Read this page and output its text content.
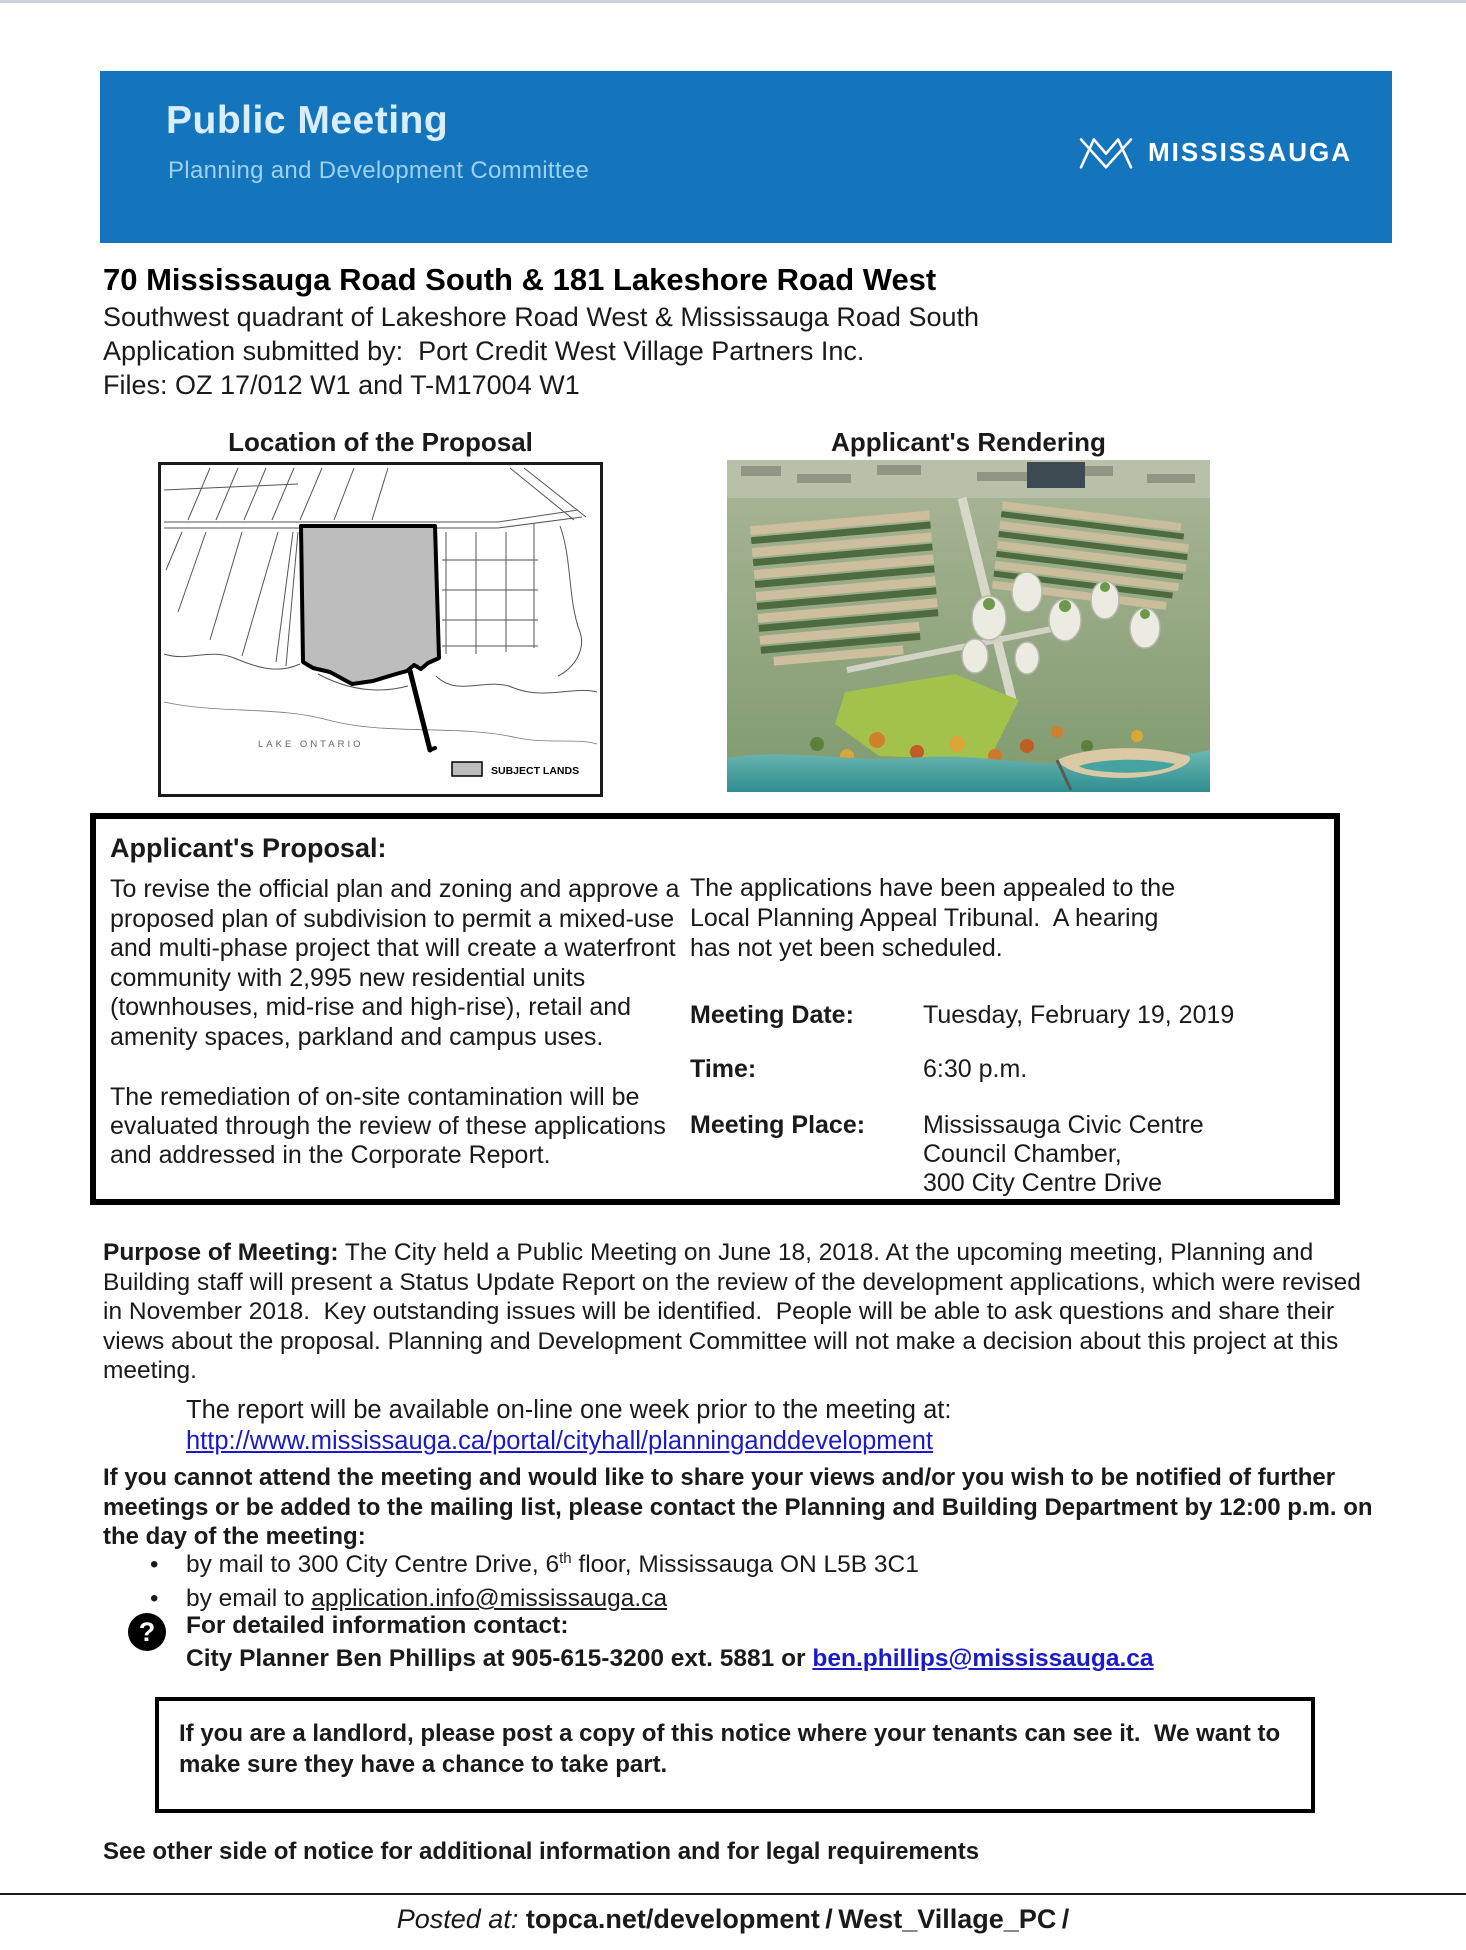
Public Meeting
Planning and Development Committee
MISSISSAUGA
70 Mississauga Road South & 181 Lakeshore Road West
Southwest quadrant of Lakeshore Road West & Mississauga Road South
Application submitted by:  Port Credit West Village Partners Inc.
Files: OZ 17/012 W1 and T-M17004 W1
Location of the Proposal	Applicant's Rendering
LAKE ONTARIO
SUBJECT LANDS
Applicant's Proposal:
To revise the official plan and zoning and approve a proposed plan of subdivision to permit a mixed-use and multi-phase project that will create a waterfront community with 2,995 new residential units (townhouses, mid-rise and high-rise), retail and amenity spaces, parkland and campus uses.
The remediation of on-site contamination will be evaluated through the review of these applications and addressed in the Corporate Report.
The applications have been appealed to the Local Planning Appeal Tribunal.  A hearing has not yet been scheduled.
Meeting Date:	Tuesday, February 19, 2019
Time:	6:30 p.m.
Meeting Place: Mississauga Civic Centre
Council Chamber,
300 City Centre Drive
Purpose of Meeting: The City held a Public Meeting on June 18, 2018. At the upcoming meeting, Planning and Building staff will present a Status Update Report on the review of the development applications, which were revised in November 2018.  Key outstanding issues will be identified.  People will be able to ask questions and share their views about the proposal. Planning and Development Committee will not make a decision about this project at this meeting.
The report will be available on-line one week prior to the meeting at:
http://www.mississauga.ca/portal/cityhall/planninganddevelopment
If you cannot attend the meeting and would like to share your views and/or you wish to be notified of further meetings or be added to the mailing list, please contact the Planning and Building Department by 12:00 p.m. on the day of the meeting:
• by mail to 300 City Centre Drive, 6th floor, Mississauga ON L5B 3C1
• by email to application.info@mississauga.ca
?	For detailed information contact:
City Planner Ben Phillips at 905-615-3200 ext. 5881 or ben.phillips@mississauga.ca
If you are a landlord, please post a copy of this notice where your tenants can see it.  We want to make sure they have a chance to take part.
See other side of notice for additional information and for legal requirements
Posted at: topca.net/development / West_Village_PC /
